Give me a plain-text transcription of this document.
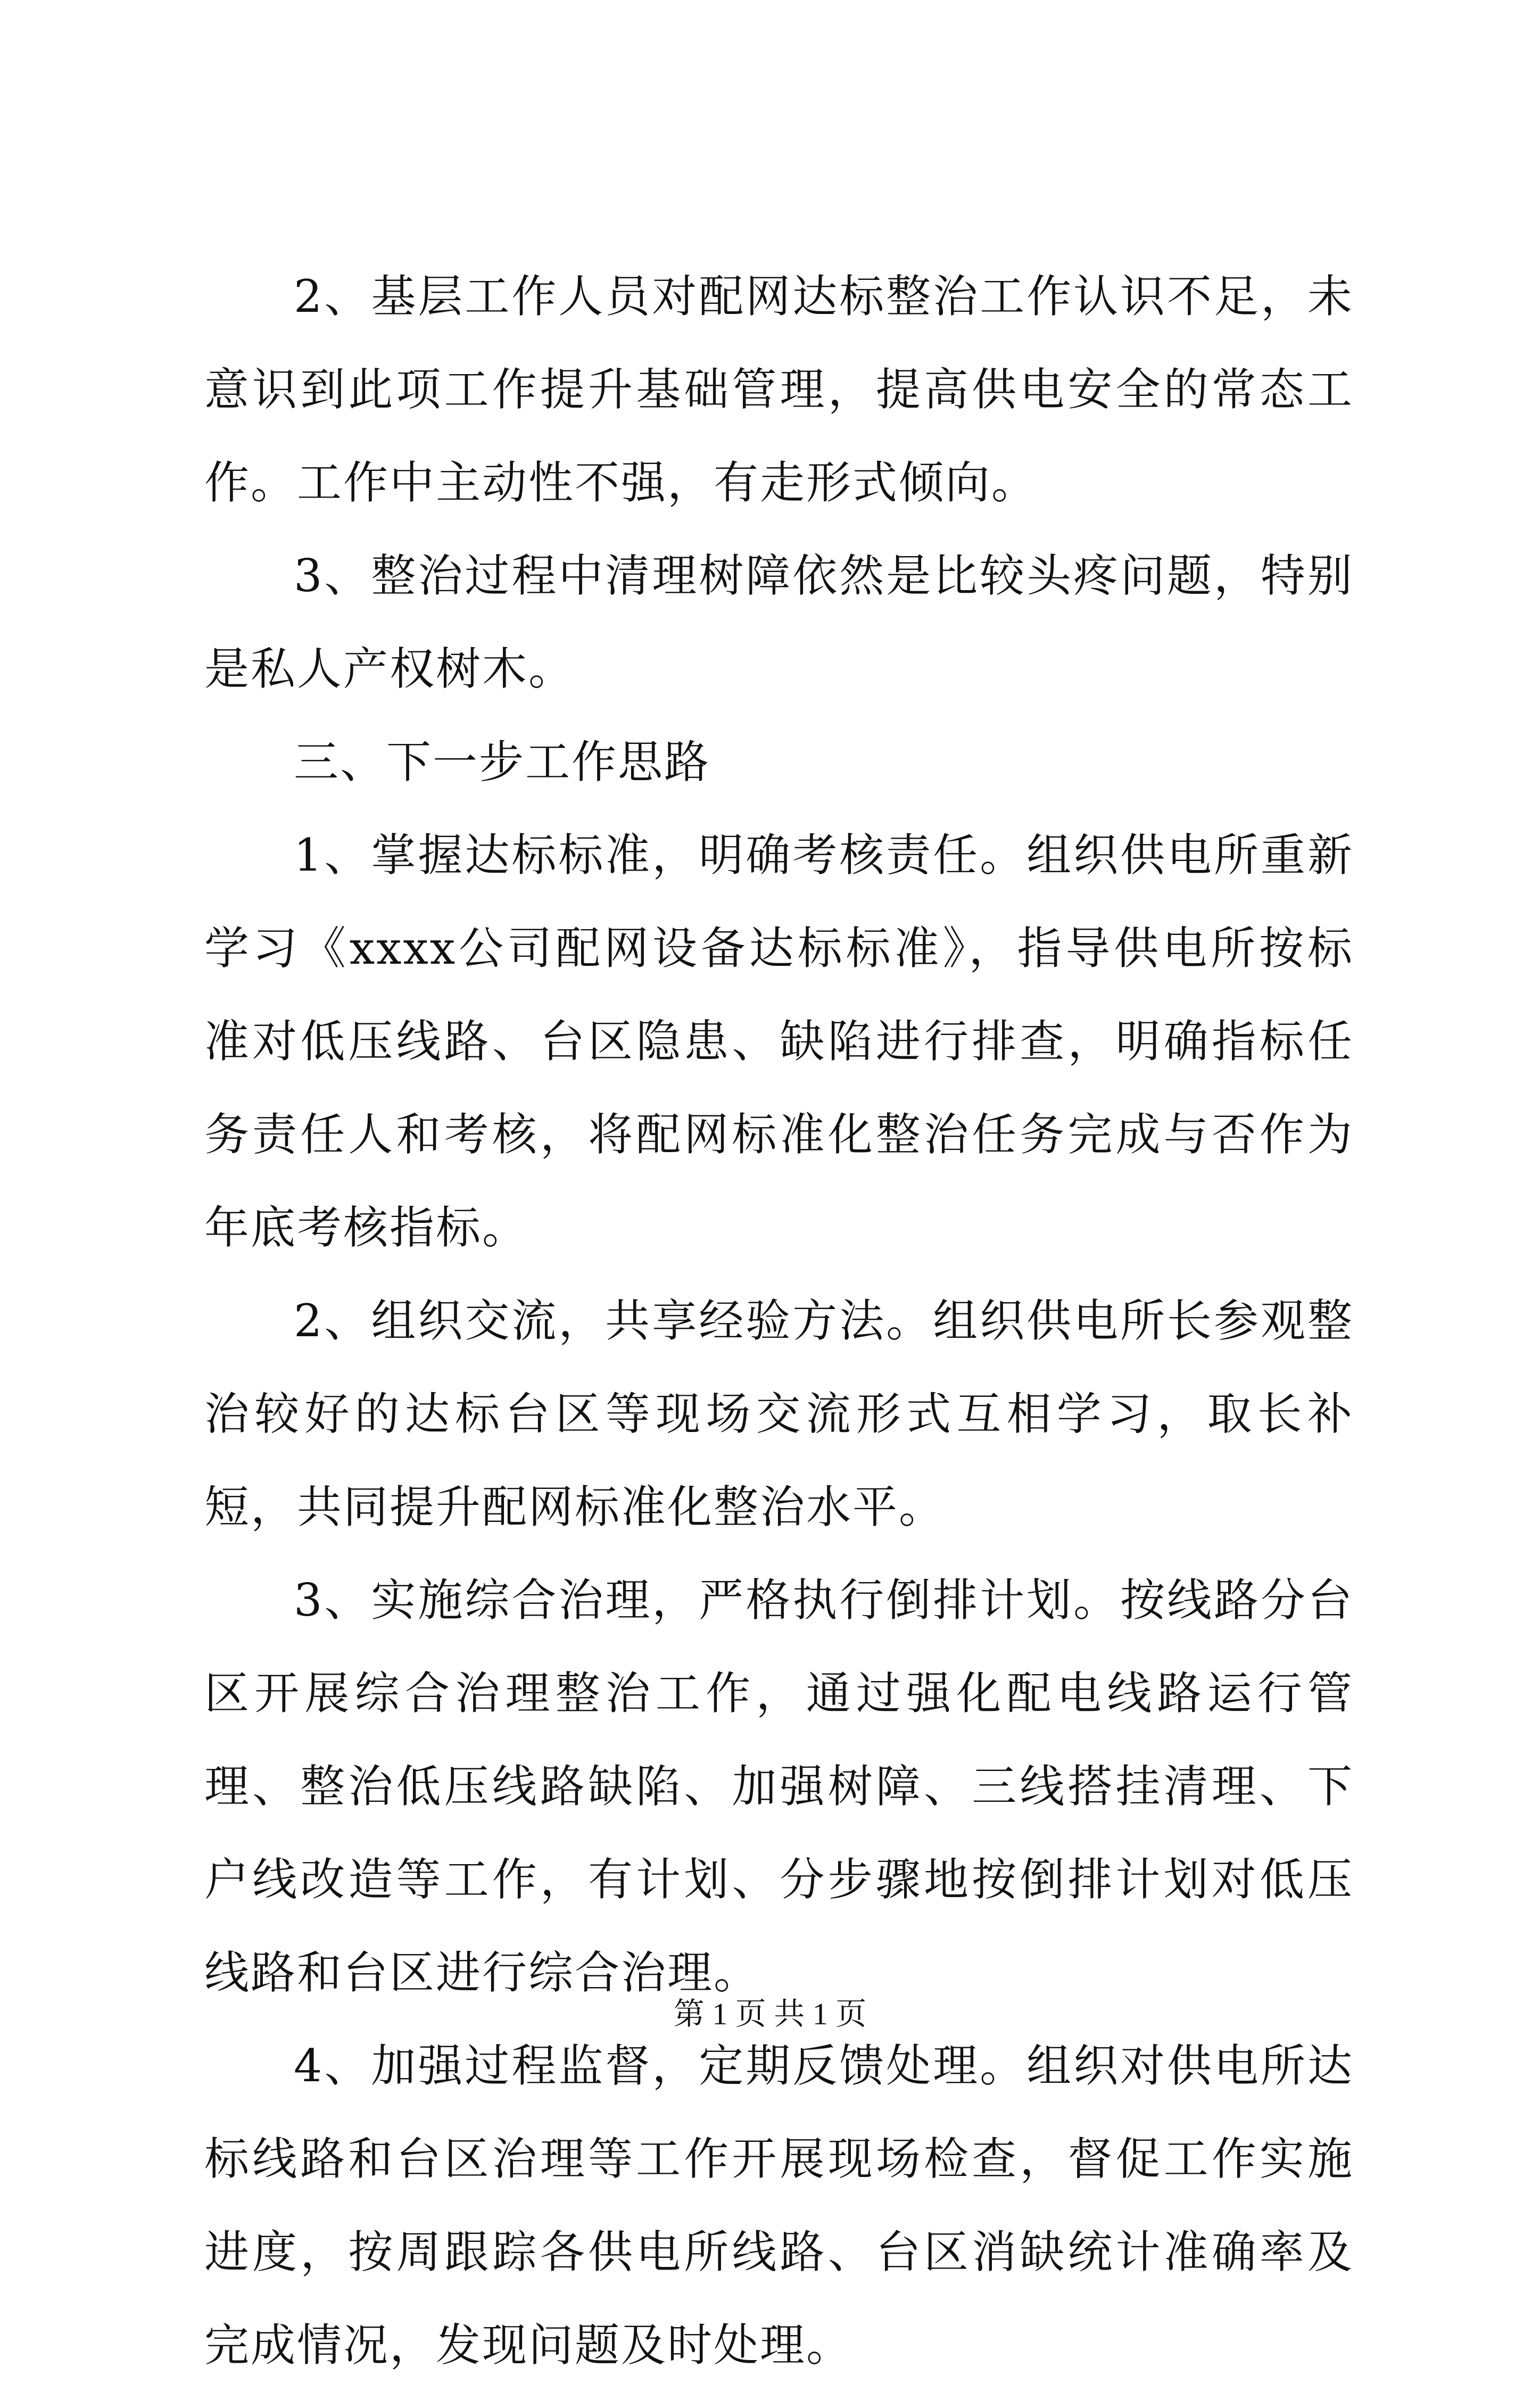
2、基层工作人员对配网达标整治工作认识不足，未意识到此项工作提升基础管理，提高供电安全的常态工作。工作中主动性不强，有走形式倾向。

3、整治过程中清理树障依然是比较头疼问题，特别是私人产权树木。

三、下一步工作思路

1、掌握达标标准，明确考核责任。组织供电所重新学习《xxxx公司配网设备达标标准》，指导供电所按标准对低压线路、台区隐患、缺陷进行排查，明确指标任务责任人和考核，将配网标准化整治任务完成与否作为年底考核指标。

2、组织交流，共享经验方法。组织供电所长参观整治较好的达标台区等现场交流形式互相学习，取长补短，共同提升配网标准化整治水平。

3、实施综合治理，严格执行倒排计划。按线路分台区开展综合治理整治工作，通过强化配电线路运行管理、整治低压线路缺陷、加强树障、三线搭挂清理、下户线改造等工作，有计划、分步骤地按倒排计划对低压线路和台区进行综合治理。

4、加强过程监督，定期反馈处理。组织对供电所达标线路和台区治理等工作开展现场检查，督促工作实施进度，按周跟踪各供电所线路、台区消缺统计准确率及完成情况，发现问题及时处理。

第 1 页 共 1 页
